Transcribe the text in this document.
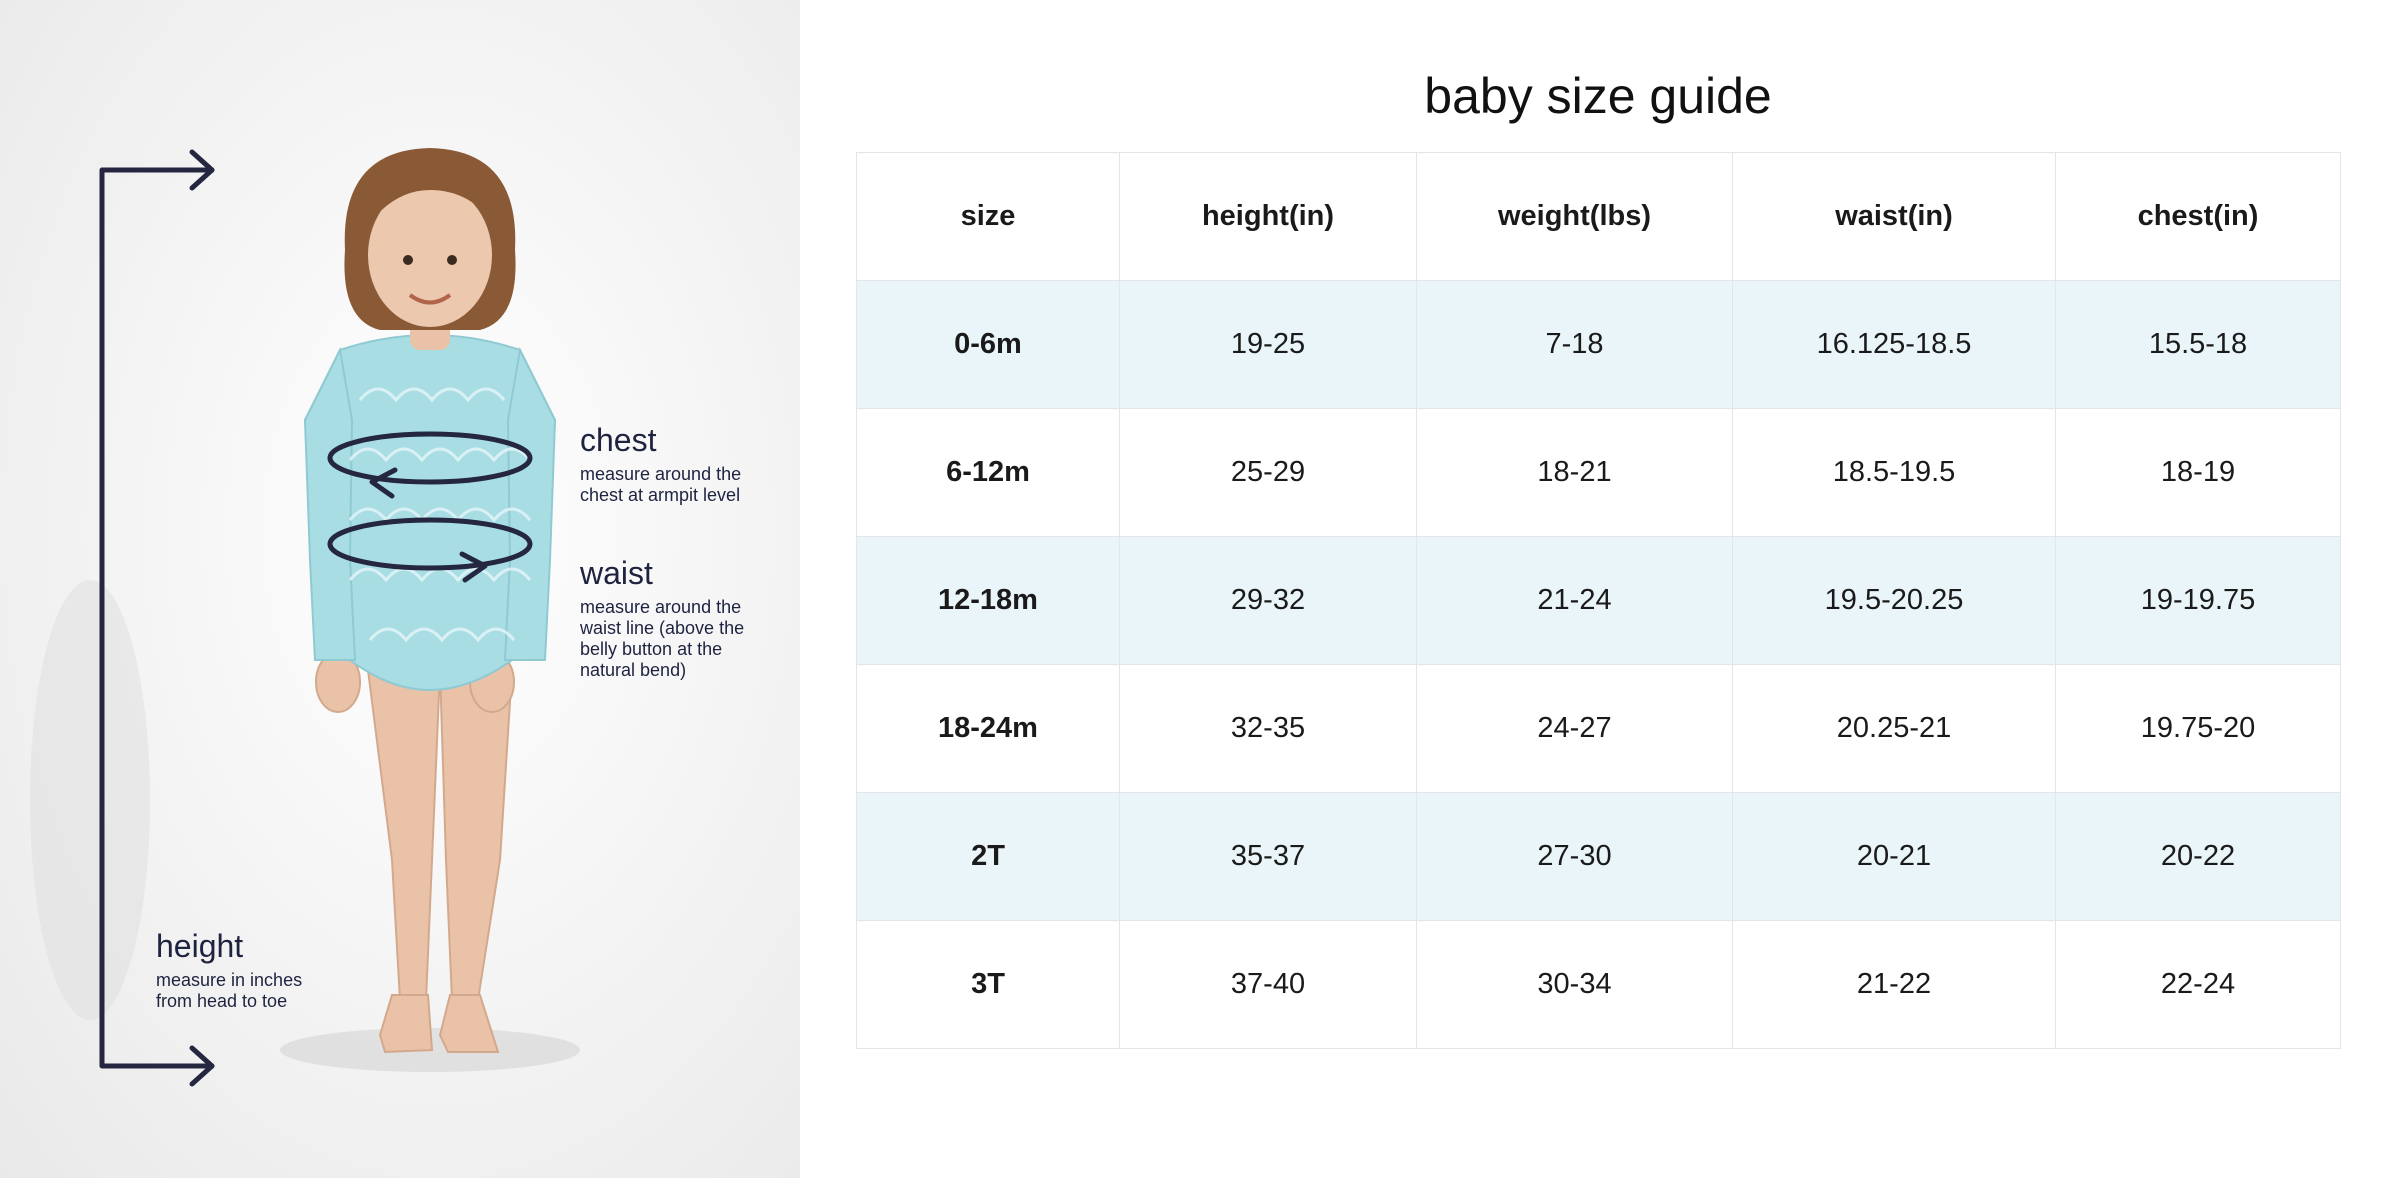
chest
measure around the
chest at armpit level
waist
measure around the
waist line (above the
belly button at the
natural bend)
height
measure in inches
from head to toe
baby size guide
size	height(in)	weight(lbs)	waist(in)	chest(in)
0-6m	19-25	7-18	16.125-18.5	15.5-18
6-12m	25-29	18-21	18.5-19.5	18-19
12-18m	29-32	21-24	19.5-20.25	19-19.75
18-24m	32-35	24-27	20.25-21	19.75-20
2T	35-37	27-30	20-21	20-22
3T	37-40	30-34	21-22	22-24
